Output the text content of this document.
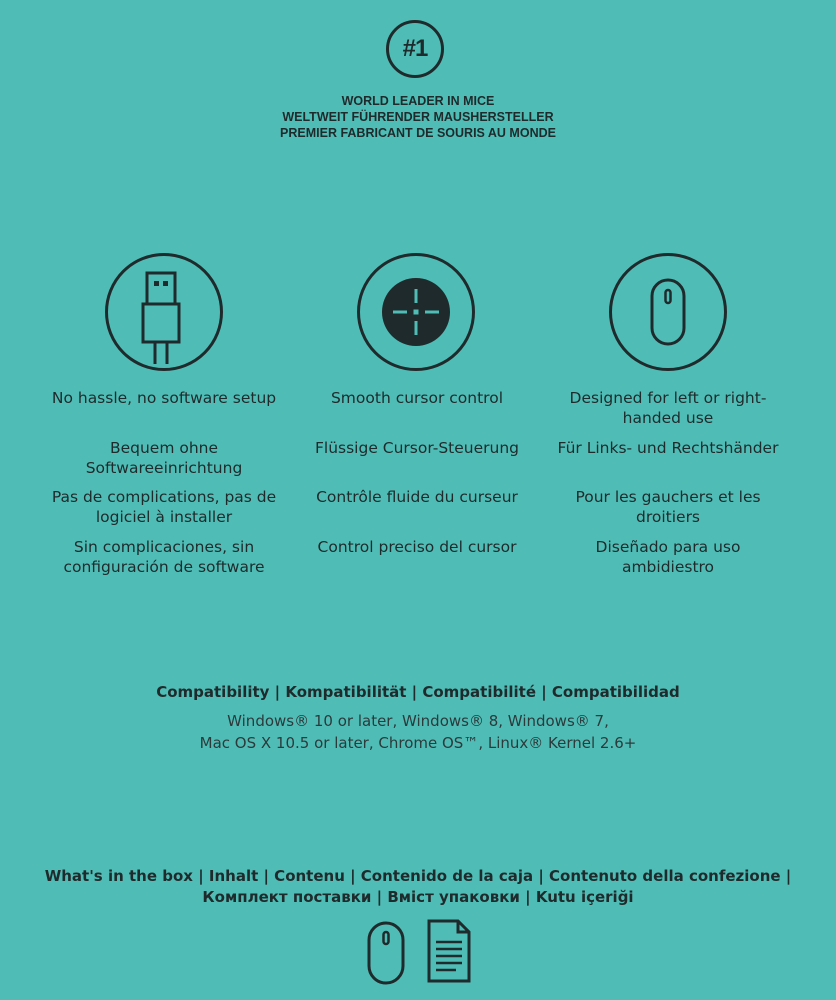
#1
WORLD LEADER IN MICE
WELTWEIT FÜHRENDER MAUSHERSTELLER
PREMIER FABRICANT DE SOURIS AU MONDE
No hassle, no software setup
Bequem ohne Softwareeinrichtung
Pas de complications, pas de logiciel à installer
Sin complicaciones, sin configuración de software
Smooth cursor control
Flüssige Cursor-Steuerung
Contrôle fluide du curseur
Control preciso del cursor
Designed for left or right-handed use
Für Links- und Rechtshänder
Pour les gauchers et les droitiers
Diseñado para uso ambidiestro
Compatibility | Kompatibilität | Compatibilité | Compatibilidad
Windows® 10 or later, Windows® 8, Windows® 7,
Mac OS X 10.5 or later, Chrome OS™, Linux® Kernel 2.6+
What's in the box | Inhalt | Contenu | Contenido de la caja | Contenuto della confezione | Комплект поставки | Вміст упаковки | Kutu içeriği
